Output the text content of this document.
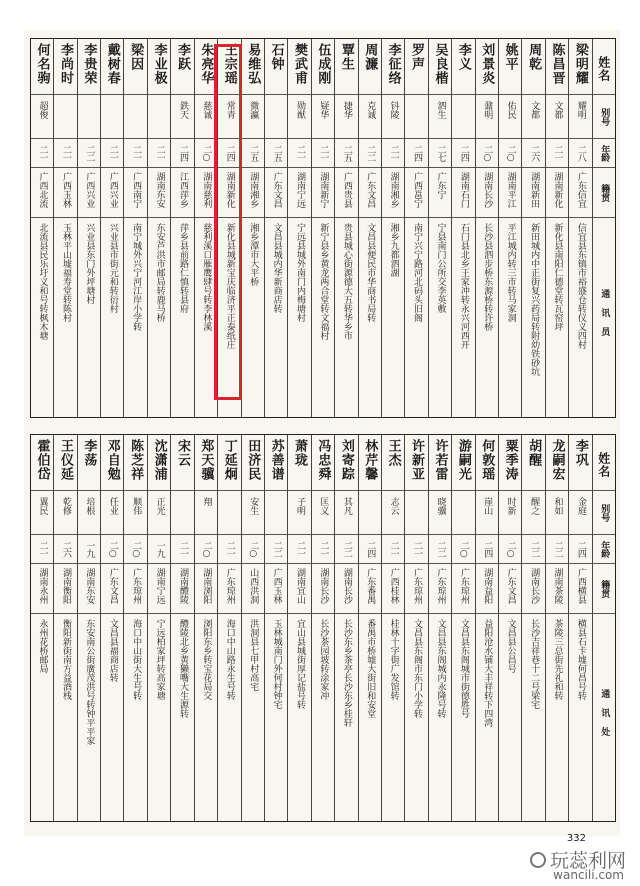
姓名
别号
年龄
籍贯
通讯员
梁明耀
耀明
二八
广东信宜
信宜县东镇市裕盛仓转仪义四村
陈昌晋
文都
二一
湖南新化
新化县南阳仁德堂转瓦窑坪
周乾
文都
二六
湖南新田
新田城内中正街复兴药局转附幼铁砂坑
姚平
佑民
二○
湖南平江
平江城内转三市转马家洞
刘景炎
鼐明
二○
湖南长沙
长沙县泗步桥东源桥转许桥
李义
二四
湖南石门
石门县北乡王家冲转永兴河西开
吴良楷
泗生
二七
广东宁
宁县南门公所交李英敷
罗声
二四
广西邕宁
南宁兴宁路河北码头旧阁
李征络
钭陵
二一
湖南湘乡
湘乡九都泗湖
周濂
克诚
二二
广东文昌
文昌县便民市华商书局转
覃生
捷华
二五
广西贵县
贵县城心街源德大五转华乡市
伍成刚
疑华
二一
湖南新宁
新宁县乡黄龙两合堂转文福村
樊武甫
勋猷
二一
湖南宁远
宁远县城外南门内梅塘村
石钟
二五
广东文昌
文昌县城内华新商店转
易维弘
微瀛
二五
湖南湘乡
湘乡潭市大平桥
王宗瑶
常青
二四
湖南新化
新化县城新宝庆临济平正泰纸庄
朱亮华
慈诚
二○
湖南慈利
慈利溪口雁鹰肆号转李林溪
李跃
鉄天
二四
江西萍乡
萍乡县前路仁慎转县府
李业极
二一
湖南东安
东安芦洪市邮局转鹿马桥
梁因
二一
广西南宁
南宁城外兴宁河江岸小学转
戴树春
二一
广西兴业
兴业县市街元和转衍村
李贵荣
二二
广西兴业
兴业县东门外坪塘村
李尚时
二一
广西玉林
玉林平山墟福寿堂转陈村
何名驹
超俊
二一
广西北流
北流县民乐圩义和号转枫木塘
姓名
别号
年龄
籍贯
通讯处
李巩
金庭
二四
广西横县
横县石卡墟何昌号转
龙嗣宏
和如
二二
湖南茶陵
茶陵三总街先礼和转
胡醒
醒之
二二
湖南长沙
长沙吉祥巷十二号梁宅
粟季涛
时新
二○
广东文昌
文昌县公昌号
何敦瑶
崖山
二四
湖南益阳
益阳沧水铺大丰祥转下四湾
游嗣光
二○
广东琼州
文昌县东阁城市街德胜号
许若雷
晓骥
二二
广东琼州
文昌县东阁城内永隆号转
许新亚
二一
广东琼州
文昌县东阁市东门小学转
王杰
志云
二一
广西桂林
桂林十字街广发馆转
林芹馨
二四
广东番禺
番禺市桥墟大街旧和安堂
刘寄踪
其凡
二二
湖南长沙
长沙东乡茶亭长沙东乡桂轩
冯忠舜
匡义
二一
湖南长沙
长沙茶园坡转涂家冲
萧珑
子明
二一
湖南宜山
宜山县城街厚记盐号转
苏善谱
二二
广西玉林
玉林城南门外何村钟宅
田济民
安生
二○
山西洪洞
洪洞县七甲村高宅
丁延炯
二一
广东琼州
海口中山路永生号转
郑天骥
翔
二○
湖南浏阳
浏阳东乡转宝花局交
宋云
二一
湖南醴陵
醴陵北乡黄獭嘴大生源转
沈潇浦
正光
一九
湖南宁远
宁远柏家坪转高家塘
陈芝祥
顺伟
二○
广东琼州
海口中山街大生号转
邓自勉
任业
二○
广东文昌
文昌县福商店转
李荡
培根
一九
湖南东安
东安南公街廣茂洪号转钟平平家
王仪延
乾修
二六
湖南衡阳
衡阳新街南方益酒栈
霍伯岱
翼民
二一
湖南永州
永州花桥邮局
332
玩蕊利网
wancili.com
